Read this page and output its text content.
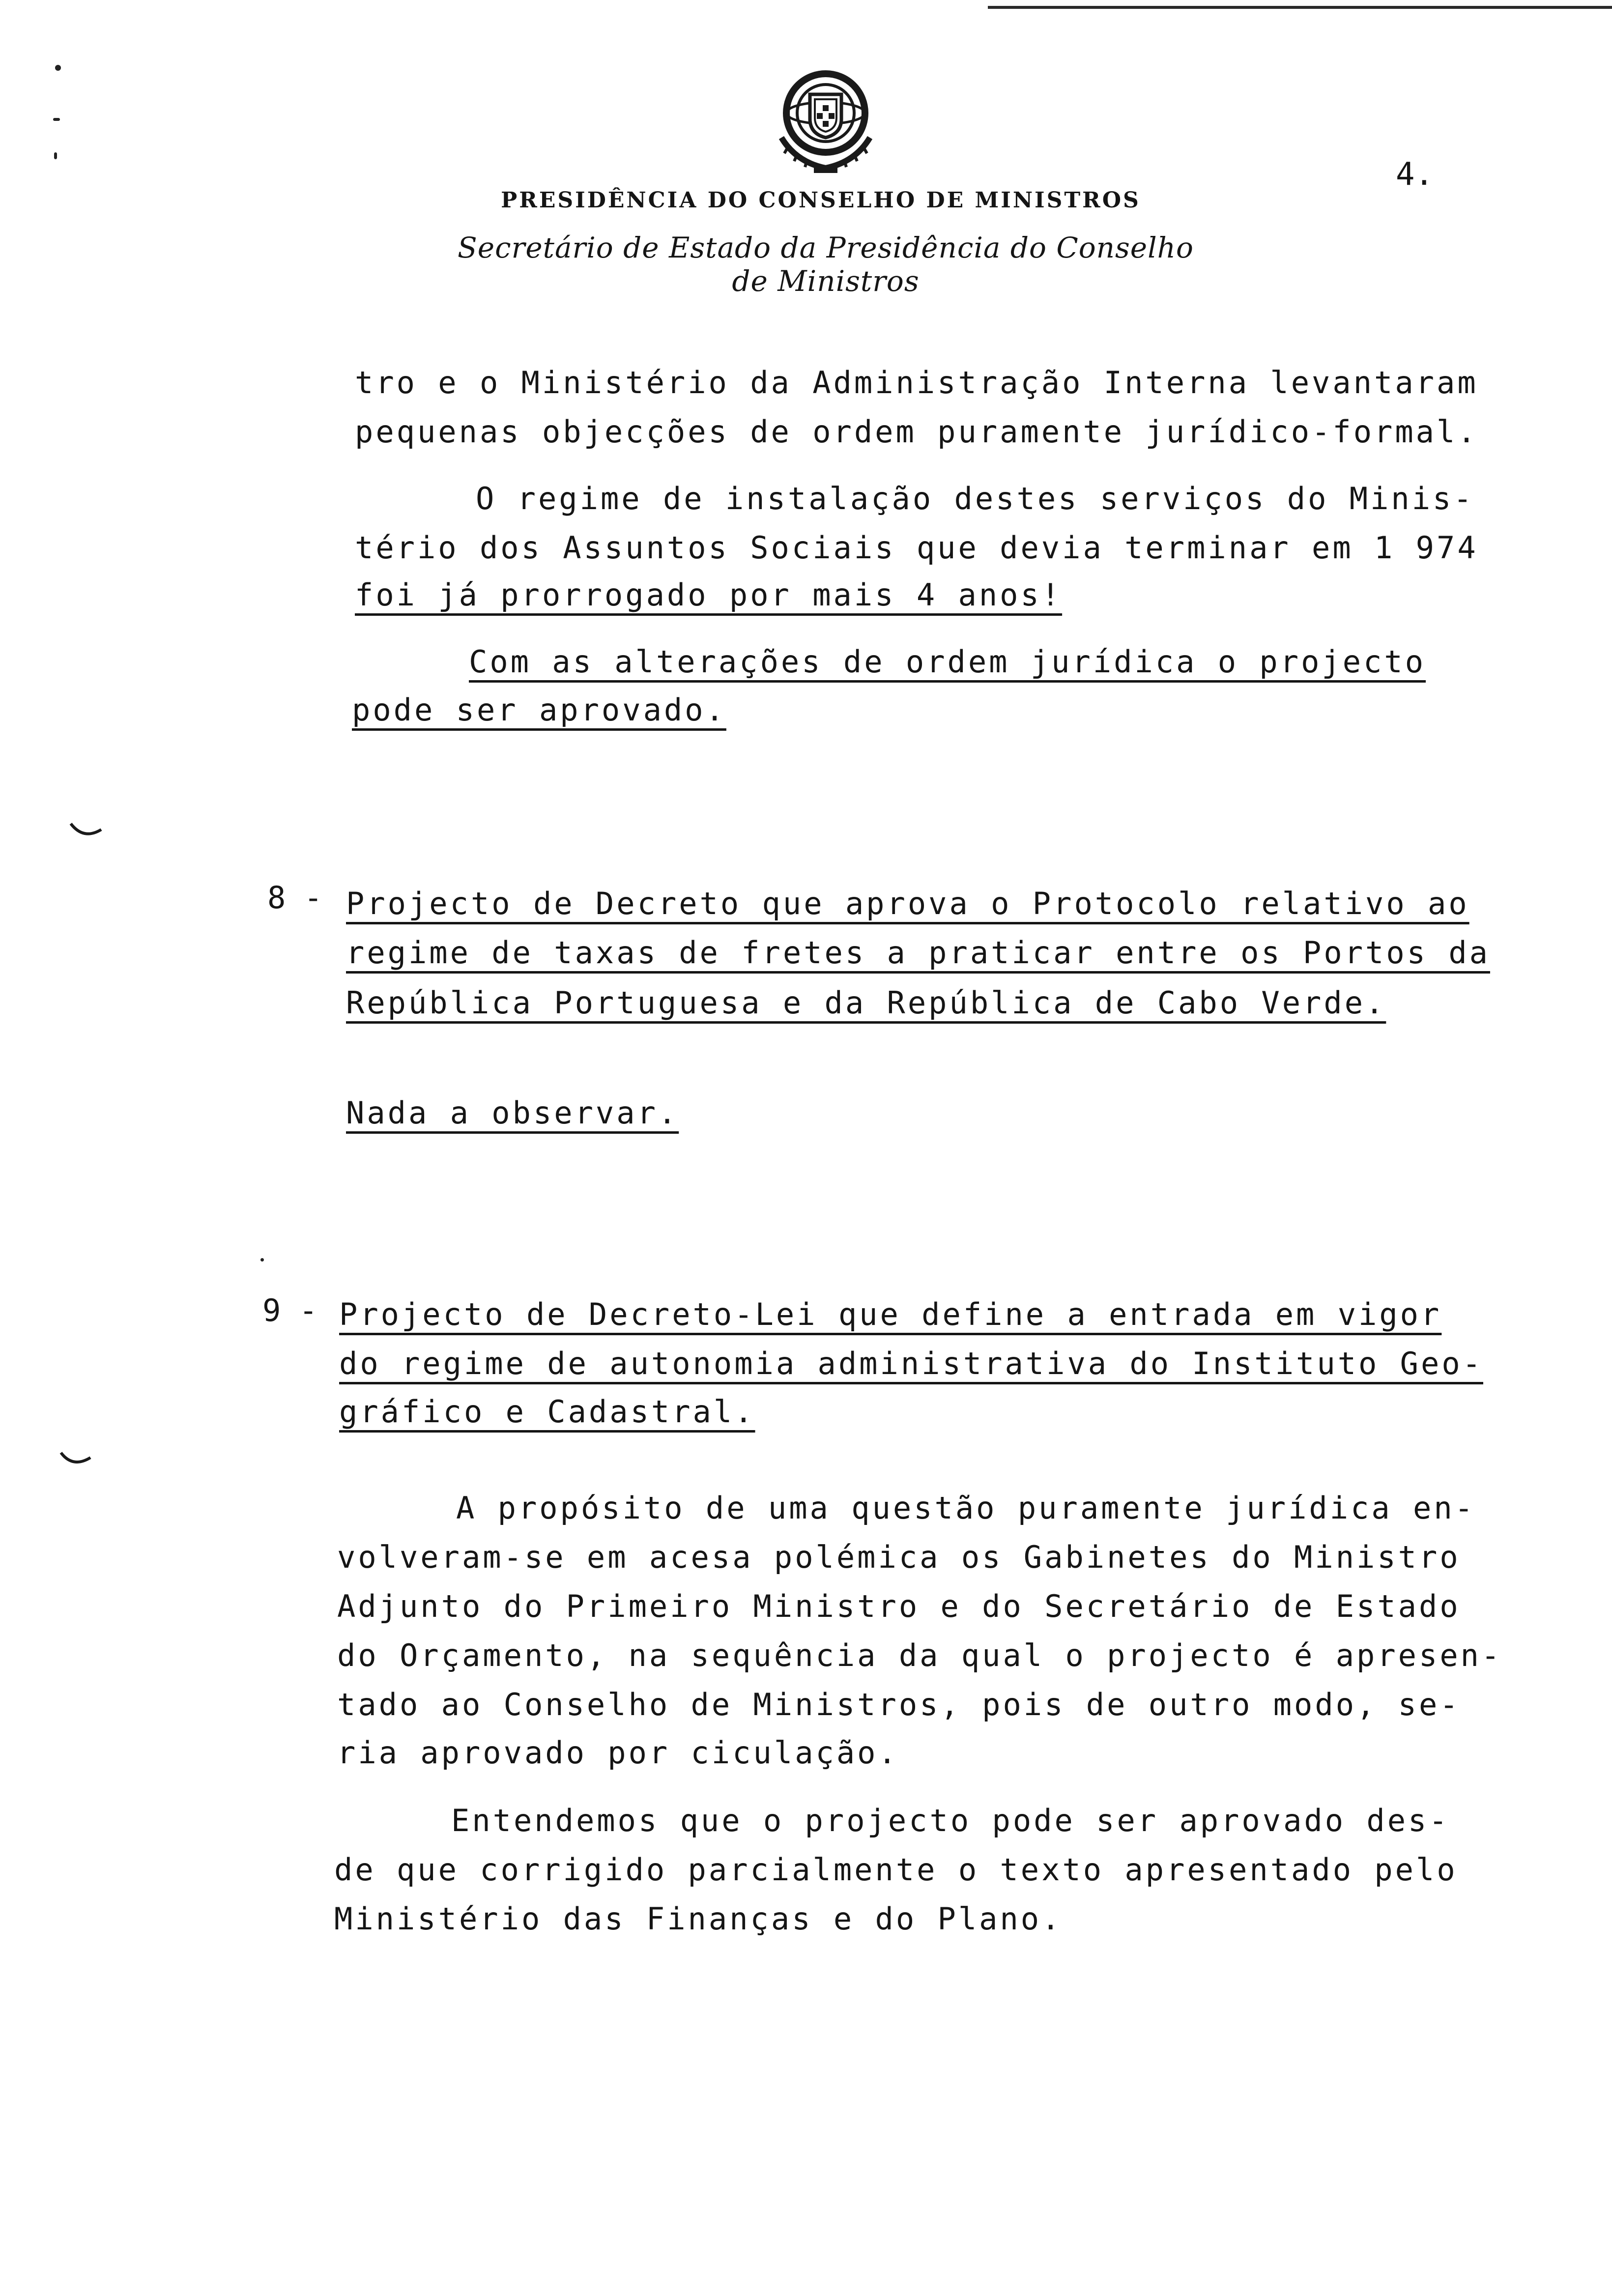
4.
PRESIDÊNCIA DO CONSELHO DE MINISTROS
Secretário de Estado da Presidência do Conselho de Ministros
tro e o Ministério da Administração Interna levantaram
pequenas objecções de ordem puramente jurídico-formal.
O regime de instalação destes serviços do Minis-
tério dos Assuntos Sociais que devia terminar em 1 974
foi já prorrogado por mais 4 anos!
Com as alterações de ordem jurídica o projecto
pode ser aprovado.
8 - Projecto de Decreto que aprova o Protocolo relativo ao
regime de taxas de fretes a praticar entre os Portos da
República Portuguesa e da República de Cabo Verde.
Nada a observar.
9 - Projecto de Decreto-Lei que define a entrada em vigor
do regime de autonomia administrativa do Instituto Geo-
gráfico e Cadastral.
A propósito de uma questão puramente jurídica en-
volveram-se em acesa polémica os Gabinetes do Ministro
Adjunto do Primeiro Ministro e do Secretário de Estado
do Orçamento, na sequência da qual o projecto é apresen-
tado ao Conselho de Ministros, pois de outro modo, se-
ria aprovado por ciculação.
Entendemos que o projecto pode ser aprovado des-
de que corrigido parcialmente o texto apresentado pelo
Ministério das Finanças e do Plano.
